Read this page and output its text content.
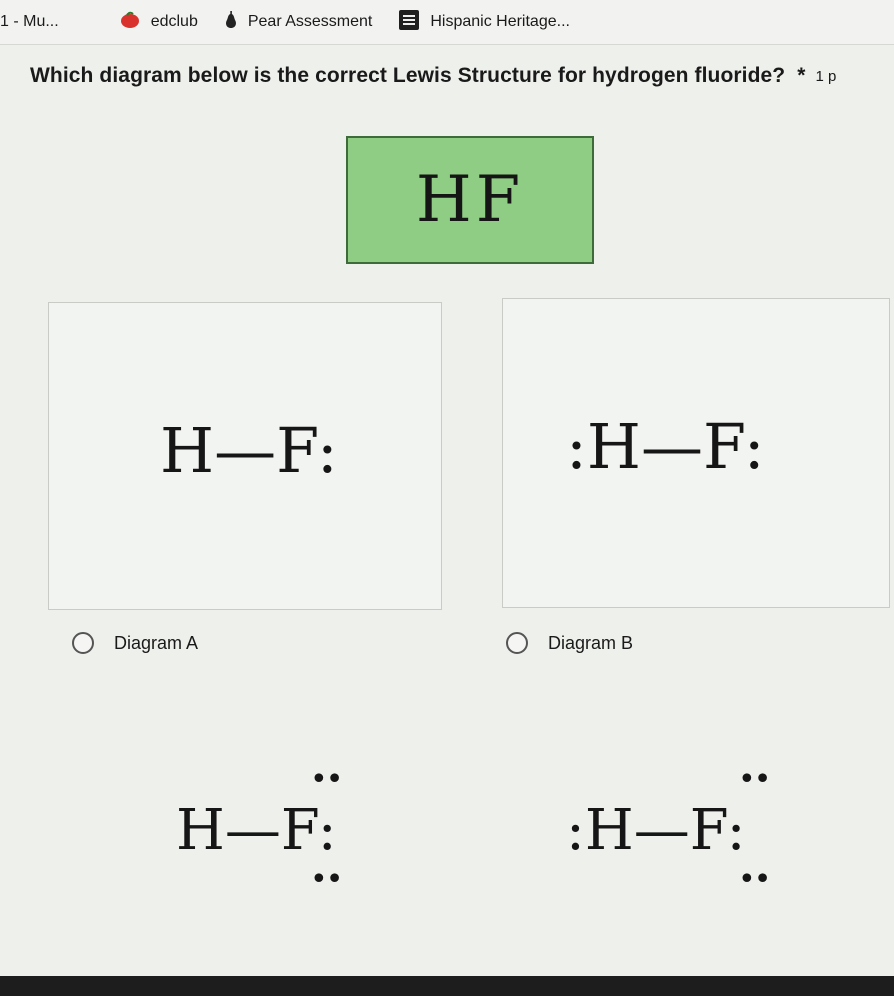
1 - Mu...	edclub	Pear Assessment	Hispanic Heritage...
Which diagram below is the correct Lewis Structure for hydrogen fluoride? * 1 p
HF
H—F:	:H—F:
Diagram A	Diagram B
H—F:
••
••
:H—F:
••
••
